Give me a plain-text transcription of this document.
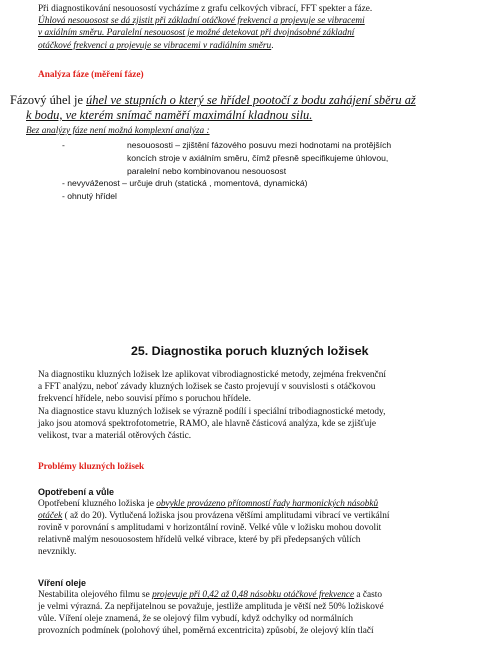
Při diagnostikování nesouosostí vycházíme z grafu celkových vibrací, FFT spekter a fáze.
Úhlová nesouosost se dá zjistit při základní otáčkové frekvenci a projevuje se vibracemi
v axiálním směru. Paralelní nesouosost je možné detekovat při dvojnásobné základní
otáčkové frekvenci a projevuje se vibracemi v radiálním směru.
Analýza fáze (měření fáze)
Fázový úhel je úhel ve stupních o který se hřídel pootočí z bodu zahájení sběru až
k bodu, ve kterém snímač naměří maximální kladnou silu.
Bez analýzy fáze není možná komplexní analýza :
-	nesouososti – zjištění fázového posuvu mezi hodnotami na protějších
koncích stroje v axiálním směru, čímž přesně specifikujeme úhlovou,
paralelní nebo kombinovanou nesouosost
- nevyváženost – určuje druh (statická , momentová, dynamická)
- ohnutý hřídel
25. Diagnostika poruch kluzných ložisek
Na diagnostiku kluzných ložisek lze aplikovat vibrodiagnostické metody, zejména frekvenční
a FFT analýzu, neboť závady kluzných ložisek se často projevují v souvislosti s otáčkovou
frekvencí hřídele, nebo souvisí přímo s poruchou hřídele.
Na diagnostice stavu kluzných ložisek se výrazně podílí i speciální tribodiagnostické metody,
jako jsou atomová spektrofotometrie, RAMO, ale hlavně částicová analýza, kde se zjišťuje
velikost, tvar a materiál otěrových částic.
Problémy kluzných ložisek
Opotřebení a vůle
Opotřebení kluzného ložiska je obvykle provázeno přítomností řady harmonických násobků
otáček ( až do 20). Vytlučená ložiska jsou provázena většími amplitudami vibrací ve vertikální
rovině v porovnání s amplitudami v horizontální rovině. Velké vůle v ložisku mohou dovolit
relativně malým nesouosostem hřídelů velké vibrace, které by při předepsaných vůlích
nevznikly.
Víření oleje
Nestabilita olejového filmu se projevuje při 0,42 až 0,48 násobku otáčkové frekvence a často
je velmi výrazná. Za nepřijatelnou se považuje, jestliže amplituda je větší než 50% ložiskové
vůle. Víření oleje znamená, že se olejový film vybudí, když odchylky od normálních
provozních podmínek (polohový úhel, poměrná excentricita) způsobí, že olejový klín tlačí
